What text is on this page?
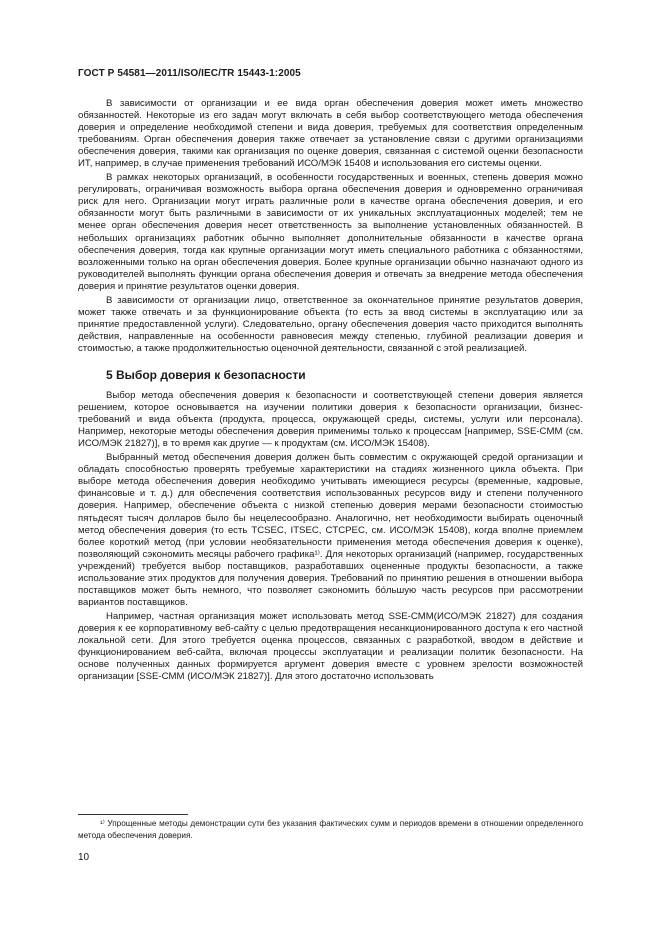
ГОСТ Р 54581—2011/ISO/IEC/TR 15443-1:2005

В зависимости от организации и ее вида орган обеспечения доверия может иметь множество обязанностей. Некоторые из его задач могут включать в себя выбор соответствующего метода обеспечения доверия и определение необходимой степени и вида доверия, требуемых для соответствия определенным требованиям. Орган обеспечения доверия также отвечает за установление связи с другими организациями обеспечения доверия, такими как организация по оценке доверия, связанная с системой оценки безопасности ИТ, например, в случае применения требований ИСО/МЭК 15408 и использования его системы оценки.

В рамках некоторых организаций, в особенности государственных и военных, степень доверия можно регулировать, ограничивая возможность выбора органа обеспечения доверия и одновременно ограничивая риск для него. Организации могут играть различные роли в качестве органа обеспечения доверия, и его обязанности могут быть различными в зависимости от их уникальных эксплуатационных моделей; тем не менее орган обеспечения доверия несет ответственность за выполнение установленных обязанностей. В небольших организациях работник обычно выполняет дополнительные обязанности в качестве органа обеспечения доверия, тогда как крупные организации могут иметь специального работника с обязанностями, возложенными только на орган обеспечения доверия. Более крупные организации обычно назначают одного из руководителей выполнять функции органа обеспечения доверия и отвечать за внедрение метода обеспечения доверия и принятие результатов оценки доверия.

В зависимости от организации лицо, ответственное за окончательное принятие результатов доверия, может также отвечать и за функционирование объекта (то есть за ввод системы в эксплуатацию или за принятие предоставленной услуги). Следовательно, органу обеспечения доверия часто приходится выполнять действия, направленные на особенности равновесия между степенью, глубиной реализации доверия и стоимостью, а также продолжительностью оценочной деятельности, связанной с этой реализацией.

5 Выбор доверия к безопасности

Выбор метода обеспечения доверия к безопасности и соответствующей степени доверия является решением, которое основывается на изучении политики доверия к безопасности организации, бизнес-требований и вида объекта (продукта, процесса, окружающей среды, системы, услуги или персонала). Например, некоторые методы обеспечения доверия применимы только к процессам [например, SSE-CMM (см. ИСО/МЭК 21827)], в то время как другие — к продуктам (см. ИСО/МЭК 15408).

Выбранный метод обеспечения доверия должен быть совместим с окружающей средой организации и обладать способностью проверять требуемые характеристики на стадиях жизненного цикла объекта. При выборе метода обеспечения доверия необходимо учитывать имеющиеся ресурсы (временные, кадровые, финансовые и т. д.) для обеспечения соответствия использованных ресурсов виду и степени полученного доверия. Например, обеспечение объекта с низкой степенью доверия мерами безопасности стоимостью пятьдесят тысяч долларов было бы нецелесообразно. Аналогично, нет необходимости выбирать оценочный метод обеспечения доверия (то есть TCSEC, ITSEC, CTCPEC, см. ИСО/МЭК 15408), когда вполне приемлем более короткий метод (при условии необязательности применения метода обеспечения доверия к оценке), позволяющий сэкономить месяцы рабочего графика¹⁾. Для некоторых организаций (например, государственных учреждений) требуется выбор поставщиков, разработавших оцененные продукты безопасности, а также использование этих продуктов для получения доверия. Требований по принятию решения в отношении выбора поставщиков может быть немного, что позволяет сэкономить бо́льшую часть ресурсов при рассмотрении вариантов поставщиков.

Например, частная организация может использовать метод SSE-CMM(ИСО/МЭК 21827) для создания доверия к ее корпоративному веб-сайту с целью предотвращения несанкционированного доступа к его частной локальной сети. Для этого требуется оценка процессов, связанных с разработкой, вводом в действие и функционированием веб-сайта, включая процессы эксплуатации и реализации политик безопасности. На основе полученных данных формируется аргумент доверия вместе с уровнем зрелости возможностей организации [SSE-CMM (ИСО/МЭК 21827)]. Для этого достаточно использовать

¹⁾ Упрощенные методы демонстрации сути без указания фактических сумм и периодов времени в отношении определенного метода обеспечения доверия.
10
